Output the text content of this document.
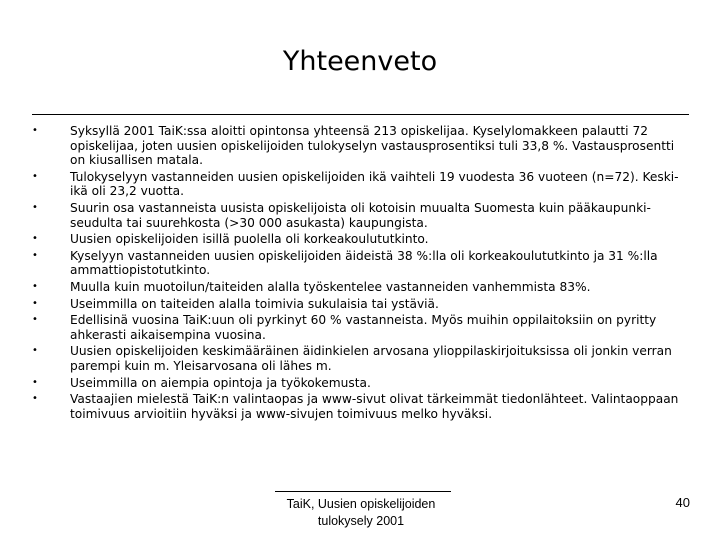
Yhteenveto
•	Syksyllä 2001 TaiK:ssa aloitti opintonsa yhteensä 213 opiskelijaa. Kyselylomakkeen palautti 72 opiskelijaa, joten uusien opiskelijoiden tulokyselyn vastausprosentiksi tuli 33,8 %. Vastausprosentti on kiusallisen matala.
•	Tulokyselyyn vastanneiden uusien opiskelijoiden ikä vaihteli 19 vuodesta 36 vuoteen (n=72). Keski-ikä oli 23,2 vuotta.
•	Suurin osa vastanneista uusista opiskelijoista oli kotoisin muualta Suomesta kuin pääkaupunki-seudulta tai suurehkosta (>30 000 asukasta) kaupungista.
•	Uusien opiskelijoiden isillä puolella oli korkeakoulututkinto.
•	Kyselyyn vastanneiden uusien opiskelijoiden äideistä 38 %:lla oli korkeakoulututkinto ja 31 %:lla ammattiopistotutkinto.
•	Muulla kuin muotoilun/taiteiden alalla työskentelee vastanneiden vanhemmista 83%.
•	Useimmilla on taiteiden alalla toimivia sukulaisia tai ystäviä.
•	Edellisinä vuosina TaiK:uun oli pyrkinyt 60 % vastanneista. Myös muihin oppilaitoksiin on pyritty ahkerasti aikaisempina vuosina.
•	Uusien opiskelijoiden keskimääräinen äidinkielen arvosana ylioppilaskirjoituksissa oli jonkin verran parempi kuin m. Yleisarvosana oli lähes m.
•	Useimmilla on aiempia opintoja ja työkokemusta.
•	Vastaajien mielestä TaiK:n valintaopas ja www-sivut olivat tärkeimmät tiedonlähteet. Valintaoppaan toimivuus arvioitiin hyväksi ja www-sivujen toimivuus melko hyväksi.
TaiK, Uusien opiskelijoiden
tulokysely 2001
40
